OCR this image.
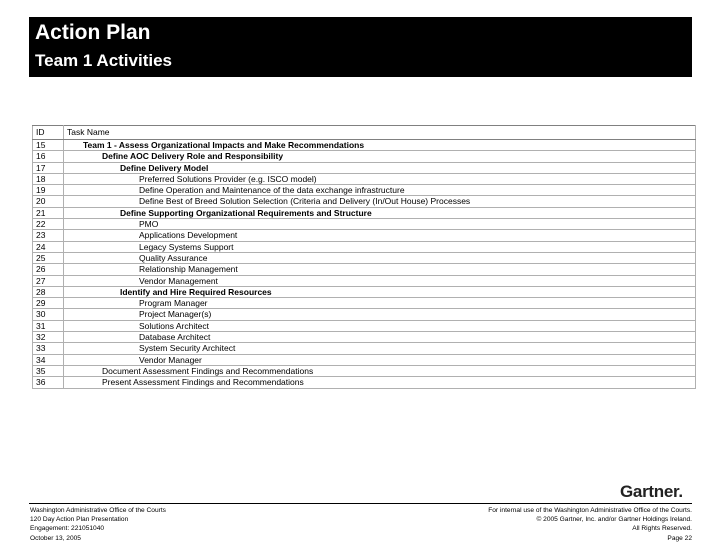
Action Plan
Team 1 Activities
ID	Task Name
15	Team 1 - Assess Organizational Impacts and Make Recommendations
16	Define AOC Delivery Role and Responsibility
17	Define Delivery Model
18	Preferred Solutions Provider (e.g. ISCO model)
19	Define Operation and Maintenance of the data exchange infrastructure
20	Define Best of Breed Solution Selection (Criteria and Delivery (In/Out House) Processes
21	Define Supporting Organizational Requirements and Structure
22	PMO
23	Applications Development
24	Legacy Systems Support
25	Quality Assurance
26	Relationship Management
27	Vendor Management
28	Identify and Hire Required Resources
29	Program Manager
30	Project Manager(s)
31	Solutions Architect
32	Database Architect
33	System Security Architect
34	Vendor Manager
35	Document Assessment Findings and Recommendations
36	Present Assessment Findings and Recommendations
Gartner.
Washington Administrative Office of the Courts
120 Day Action Plan Presentation
Engagement: 221051040
October 13, 2005
For internal use of the Washington Administrative Office of the Courts.
© 2005 Gartner, Inc. and/or Gartner Holdings Ireland.
All Rights Reserved.
Page 22
